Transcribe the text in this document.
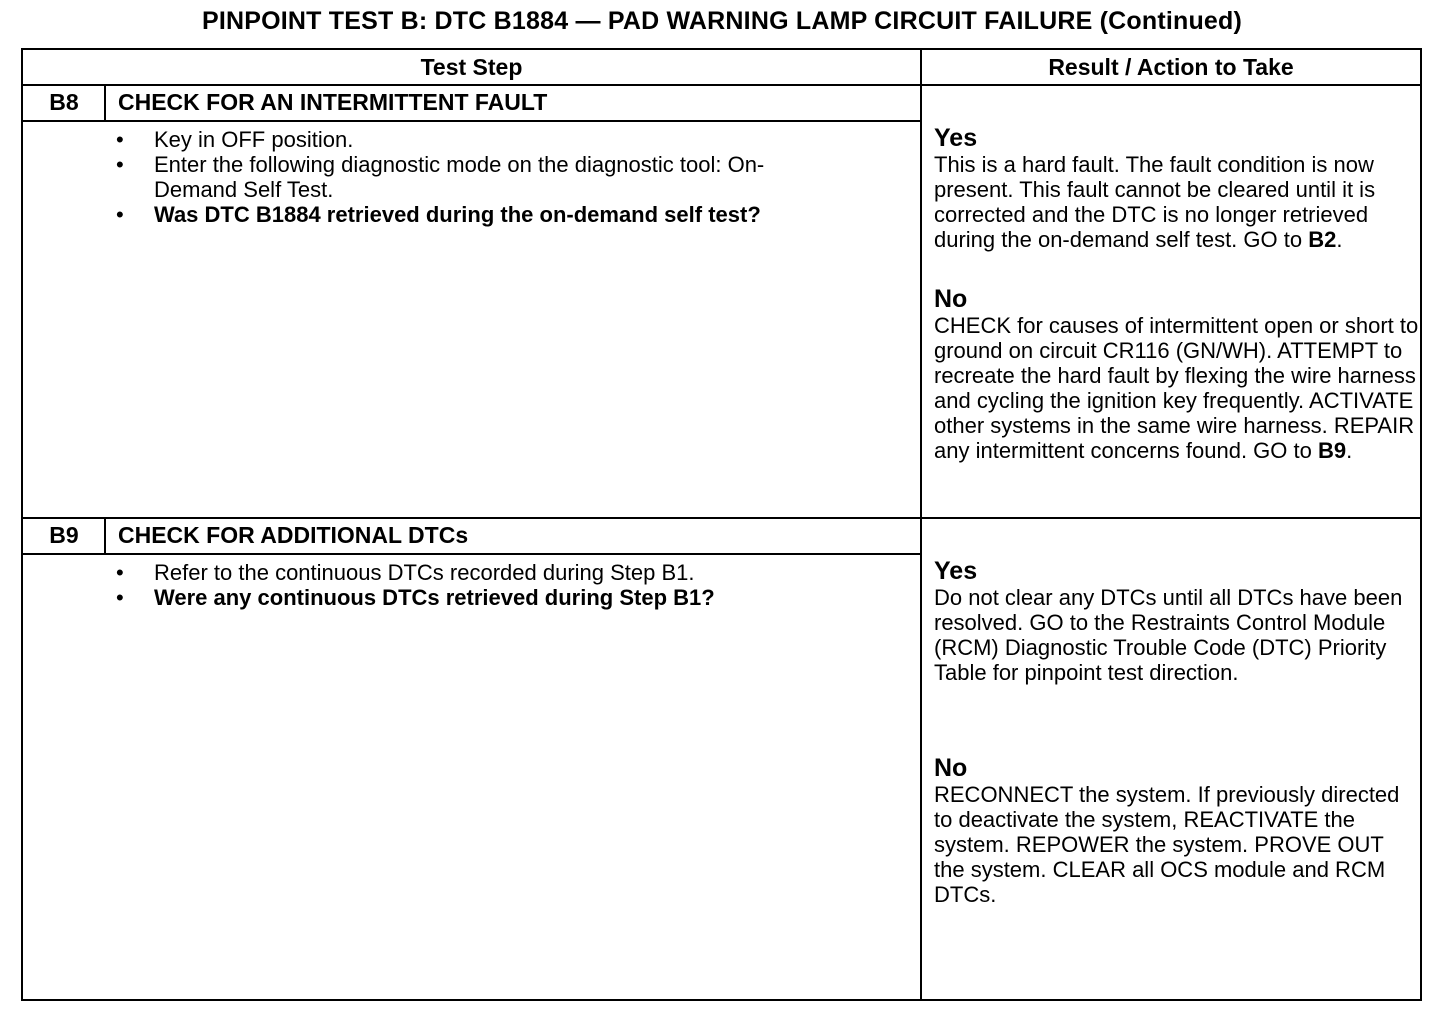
PINPOINT TEST B: DTC B1884 — PAD WARNING LAMP CIRCUIT FAILURE (Continued)
Test Step	Result / Action to Take
B8	CHECK FOR AN INTERMITTENT FAULT
• Key in OFF position.
• Enter the following diagnostic mode on the diagnostic tool: On-Demand Self Test.
• Was DTC B1884 retrieved during the on-demand self test?
Yes

This is a hard fault. The fault condition is now present. This fault cannot be cleared until it is corrected and the DTC is no longer retrieved during the on-demand self test. GO to B2.

No

CHECK for causes of intermittent open or short to ground on circuit CR116 (GN/WH). ATTEMPT to recreate the hard fault by flexing the wire harness and cycling the ignition key frequently. ACTIVATE other systems in the same wire harness. REPAIR any intermittent concerns found. GO to B9.

B9	CHECK FOR ADDITIONAL DTCs
• Refer to the continuous DTCs recorded during Step B1.
• Were any continuous DTCs retrieved during Step B1?
Yes

Do not clear any DTCs until all DTCs have been resolved. GO to the Restraints Control Module (RCM) Diagnostic Trouble Code (DTC) Priority Table for pinpoint test direction.

No

RECONNECT the system. If previously directed to deactivate the system, REACTIVATE the system. REPOWER the system. PROVE OUT the system. CLEAR all OCS module and RCM DTCs.
